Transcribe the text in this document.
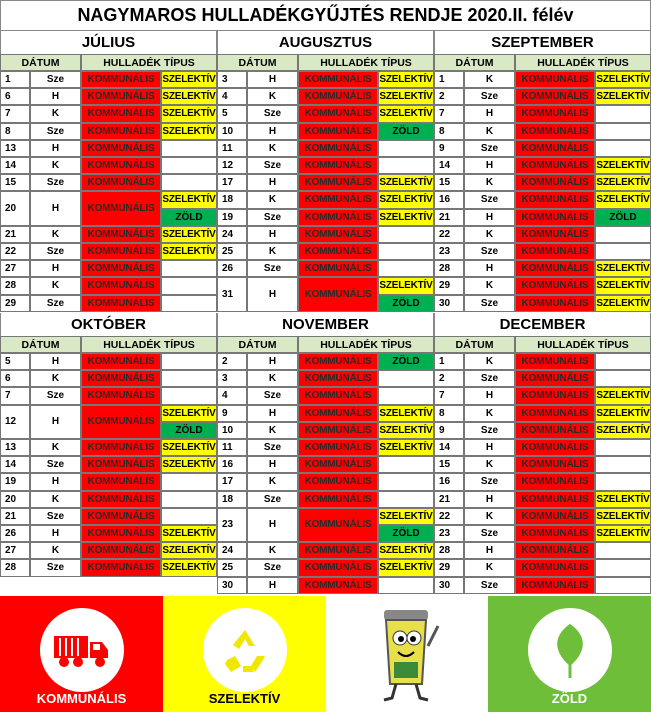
NAGYMAROS HULLADÉKGYŰJTÉS RENDJE 2020.II. félév
JÚLIUS
DÁTUM	HULLADÉK TÍPUS
1	Sze	KOMMUNÁLIS SZELEKTÍV
6	H	KOMMUNÁLIS SZELEKTÍV
7	K	KOMMUNÁLIS SZELEKTÍV
8	Sze	KOMMUNÁLIS SZELEKTÍV
13	H	KOMMUNÁLIS
14	K	KOMMUNÁLIS
15	Sze	KOMMUNÁLIS
20	H	KOMMUNÁLIS
SZELEKTÍV
ZÖLD
21	K	KOMMUNÁLIS SZELEKTÍV
22	Sze	KOMMUNÁLIS SZELEKTÍV
27	H	KOMMUNÁLIS
28	K	KOMMUNÁLIS
29	Sze	KOMMUNÁLIS
AUGUSZTUS
DÁTUM	HULLADÉK TÍPUS
3	H	KOMMUNÁLIS SZELEKTÍV
4	K	KOMMUNÁLIS SZELEKTÍV
5	Sze	KOMMUNÁLIS SZELEKTÍV
10	H	KOMMUNÁLIS	ZÖLD
11	K	KOMMUNÁLIS
12	Sze	KOMMUNÁLIS
17	H	KOMMUNÁLIS SZELEKTÍV
18	K	KOMMUNÁLIS SZELEKTÍV
19	Sze	KOMMUNÁLIS SZELEKTÍV
24	H	KOMMUNÁLIS
25	K	KOMMUNÁLIS
26	Sze	KOMMUNÁLIS
31	H	KOMMUNÁLIS
SZELEKTÍV
ZÖLD
SZEPTEMBER
DÁTUM	HULLADÉK TÍPUS
1	K	KOMMUNÁLIS SZELEKTÍV
2	Sze	KOMMUNÁLIS SZELEKTÍV
7	H	KOMMUNÁLIS
8	K	KOMMUNÁLIS
9	Sze	KOMMUNÁLIS
14	H	KOMMUNÁLIS SZELEKTÍV
15	K	KOMMUNÁLIS SZELEKTÍV
16	Sze	KOMMUNÁLIS SZELEKTÍV
21	H	KOMMUNÁLIS	ZÖLD
22	K	KOMMUNÁLIS
23	Sze	KOMMUNÁLIS
28	H	KOMMUNÁLIS SZELEKTÍV
29	K	KOMMUNÁLIS SZELEKTÍV
30	Sze	KOMMUNÁLIS SZELEKTÍV
OKTÓBER
DÁTUM	HULLADÉK TÍPUS
5	H	KOMMUNÁLIS
6	K	KOMMUNÁLIS
7	Sze	KOMMUNÁLIS
12	H	KOMMUNÁLIS
SZELEKTÍV
ZÖLD
13	K	KOMMUNÁLIS SZELEKTÍV
14	Sze	KOMMUNÁLIS SZELEKTÍV
19	H	KOMMUNÁLIS
20	K	KOMMUNÁLIS
21	Sze	KOMMUNÁLIS
26	H	KOMMUNÁLIS SZELEKTÍV
27	K	KOMMUNÁLIS SZELEKTÍV
28	Sze	KOMMUNÁLIS SZELEKTÍV
NOVEMBER
DÁTUM	HULLADÉK TÍPUS
2	H	KOMMUNÁLIS	ZÖLD
3	K	KOMMUNÁLIS
4	Sze	KOMMUNÁLIS
9	H	KOMMUNÁLIS SZELEKTÍV
10	K	KOMMUNÁLIS SZELEKTÍV
11	Sze	KOMMUNÁLIS SZELEKTÍV
16	H	KOMMUNÁLIS
17	K	KOMMUNÁLIS
18	Sze	KOMMUNÁLIS
23	H	KOMMUNÁLIS
SZELEKTÍV
ZÖLD
24	K	KOMMUNÁLIS SZELEKTÍV
25	Sze	KOMMUNÁLIS SZELEKTÍV
30	H	KOMMUNÁLIS
DECEMBER
DÁTUM	HULLADÉK TÍPUS
1	K	KOMMUNÁLIS
2	Sze	KOMMUNÁLIS
7	H	KOMMUNÁLIS SZELEKTÍV
8	K	KOMMUNÁLIS SZELEKTÍV
9	Sze	KOMMUNÁLIS SZELEKTÍV
14	H	KOMMUNÁLIS
15	K	KOMMUNÁLIS
16	Sze	KOMMUNÁLIS
21	H	KOMMUNÁLIS SZELEKTÍV
22	K	KOMMUNÁLIS SZELEKTÍV
23	Sze	KOMMUNÁLIS SZELEKTÍV
28	H	KOMMUNÁLIS
29	K	KOMMUNÁLIS
30	Sze	KOMMUNÁLIS
KOMMUNÁLIS	SZELEKTÍV	ZÖLD
